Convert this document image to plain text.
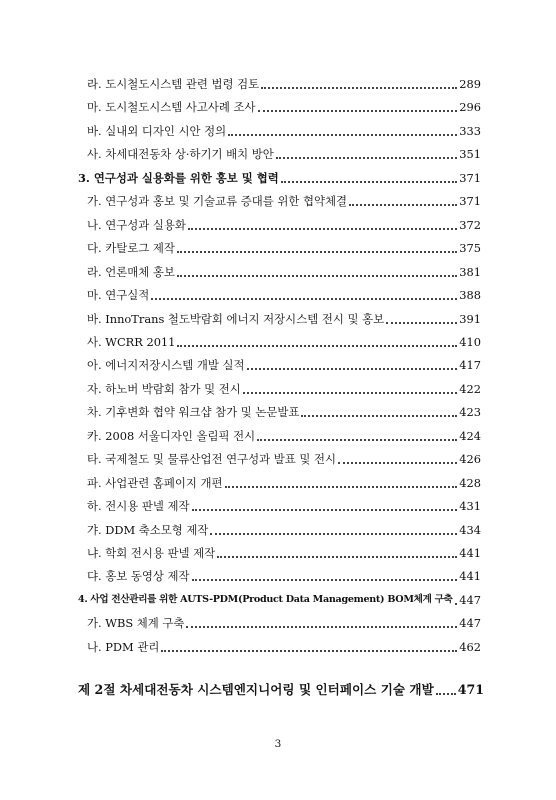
라. 도시철도시스템 관련 법령 검토	289
마. 도시철도시스템 사고사례 조사	296
바. 실내외 디자인 시안 정의	333
사. 차세대전동차 상·하기기 배치 방안	351
3. 연구성과 실용화를 위한 홍보 및 협력	371
가. 연구성과 홍보 및 기술교류 증대를 위한 협약체결	371
나. 연구성과 실용화	372
다. 카탈로그 제작	375
라. 언론매체 홍보	381
마. 연구실적	388
바. InnoTrans 철도박람회 에너지 저장시스템 전시 및 홍보	391
사. WCRR 2011	410
아. 에너지저장시스템 개발 실적	417
자. 하노버 박람회 참가 및 전시	422
차. 기후변화 협약 워크샵 참가 및 논문발표	423
카. 2008 서울디자인 올림픽 전시	424
타. 국제철도 및 물류산업전 연구성과 발표 및 전시	426
파. 사업관련 홈페이지 개편	428
하. 전시용 판넬 제작	431
갸. DDM 축소모형 제작	434
냐. 학회 전시용 판넬 제작	441
댜. 홍보 동영상 제작	441
4. 사업 전산관리를 위한 AUTS-PDM(Product Data Management) BOM체계 구축 447
가. WBS 체계 구축	447
나. PDM 관리	462
제 2절 차세대전동차 시스템엔지니어링 및 인터페이스 기술 개발 471
3
